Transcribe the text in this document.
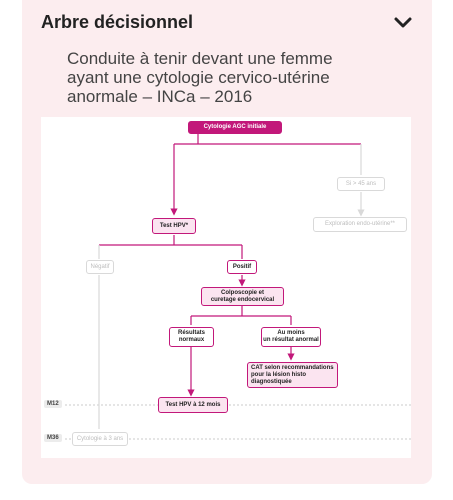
Arbre décisionnel
Conduite à tenir devant une femme
ayant une cytologie cervico-utérine
anormale – INCa – 2016
Cytologie AGC initiale
Si > 45 ans
Exploration endo-utérine**
Test HPV*
Négatif	Positif
Colposcopie et
curetage endocervical
Résultats
normaux
Au moins
un résultat anormal
CAT selon recommandations
pour la lésion histo
diagnostiquée
Test HPV à 12 mois
Cytologie à 3 ans
M12
M36
